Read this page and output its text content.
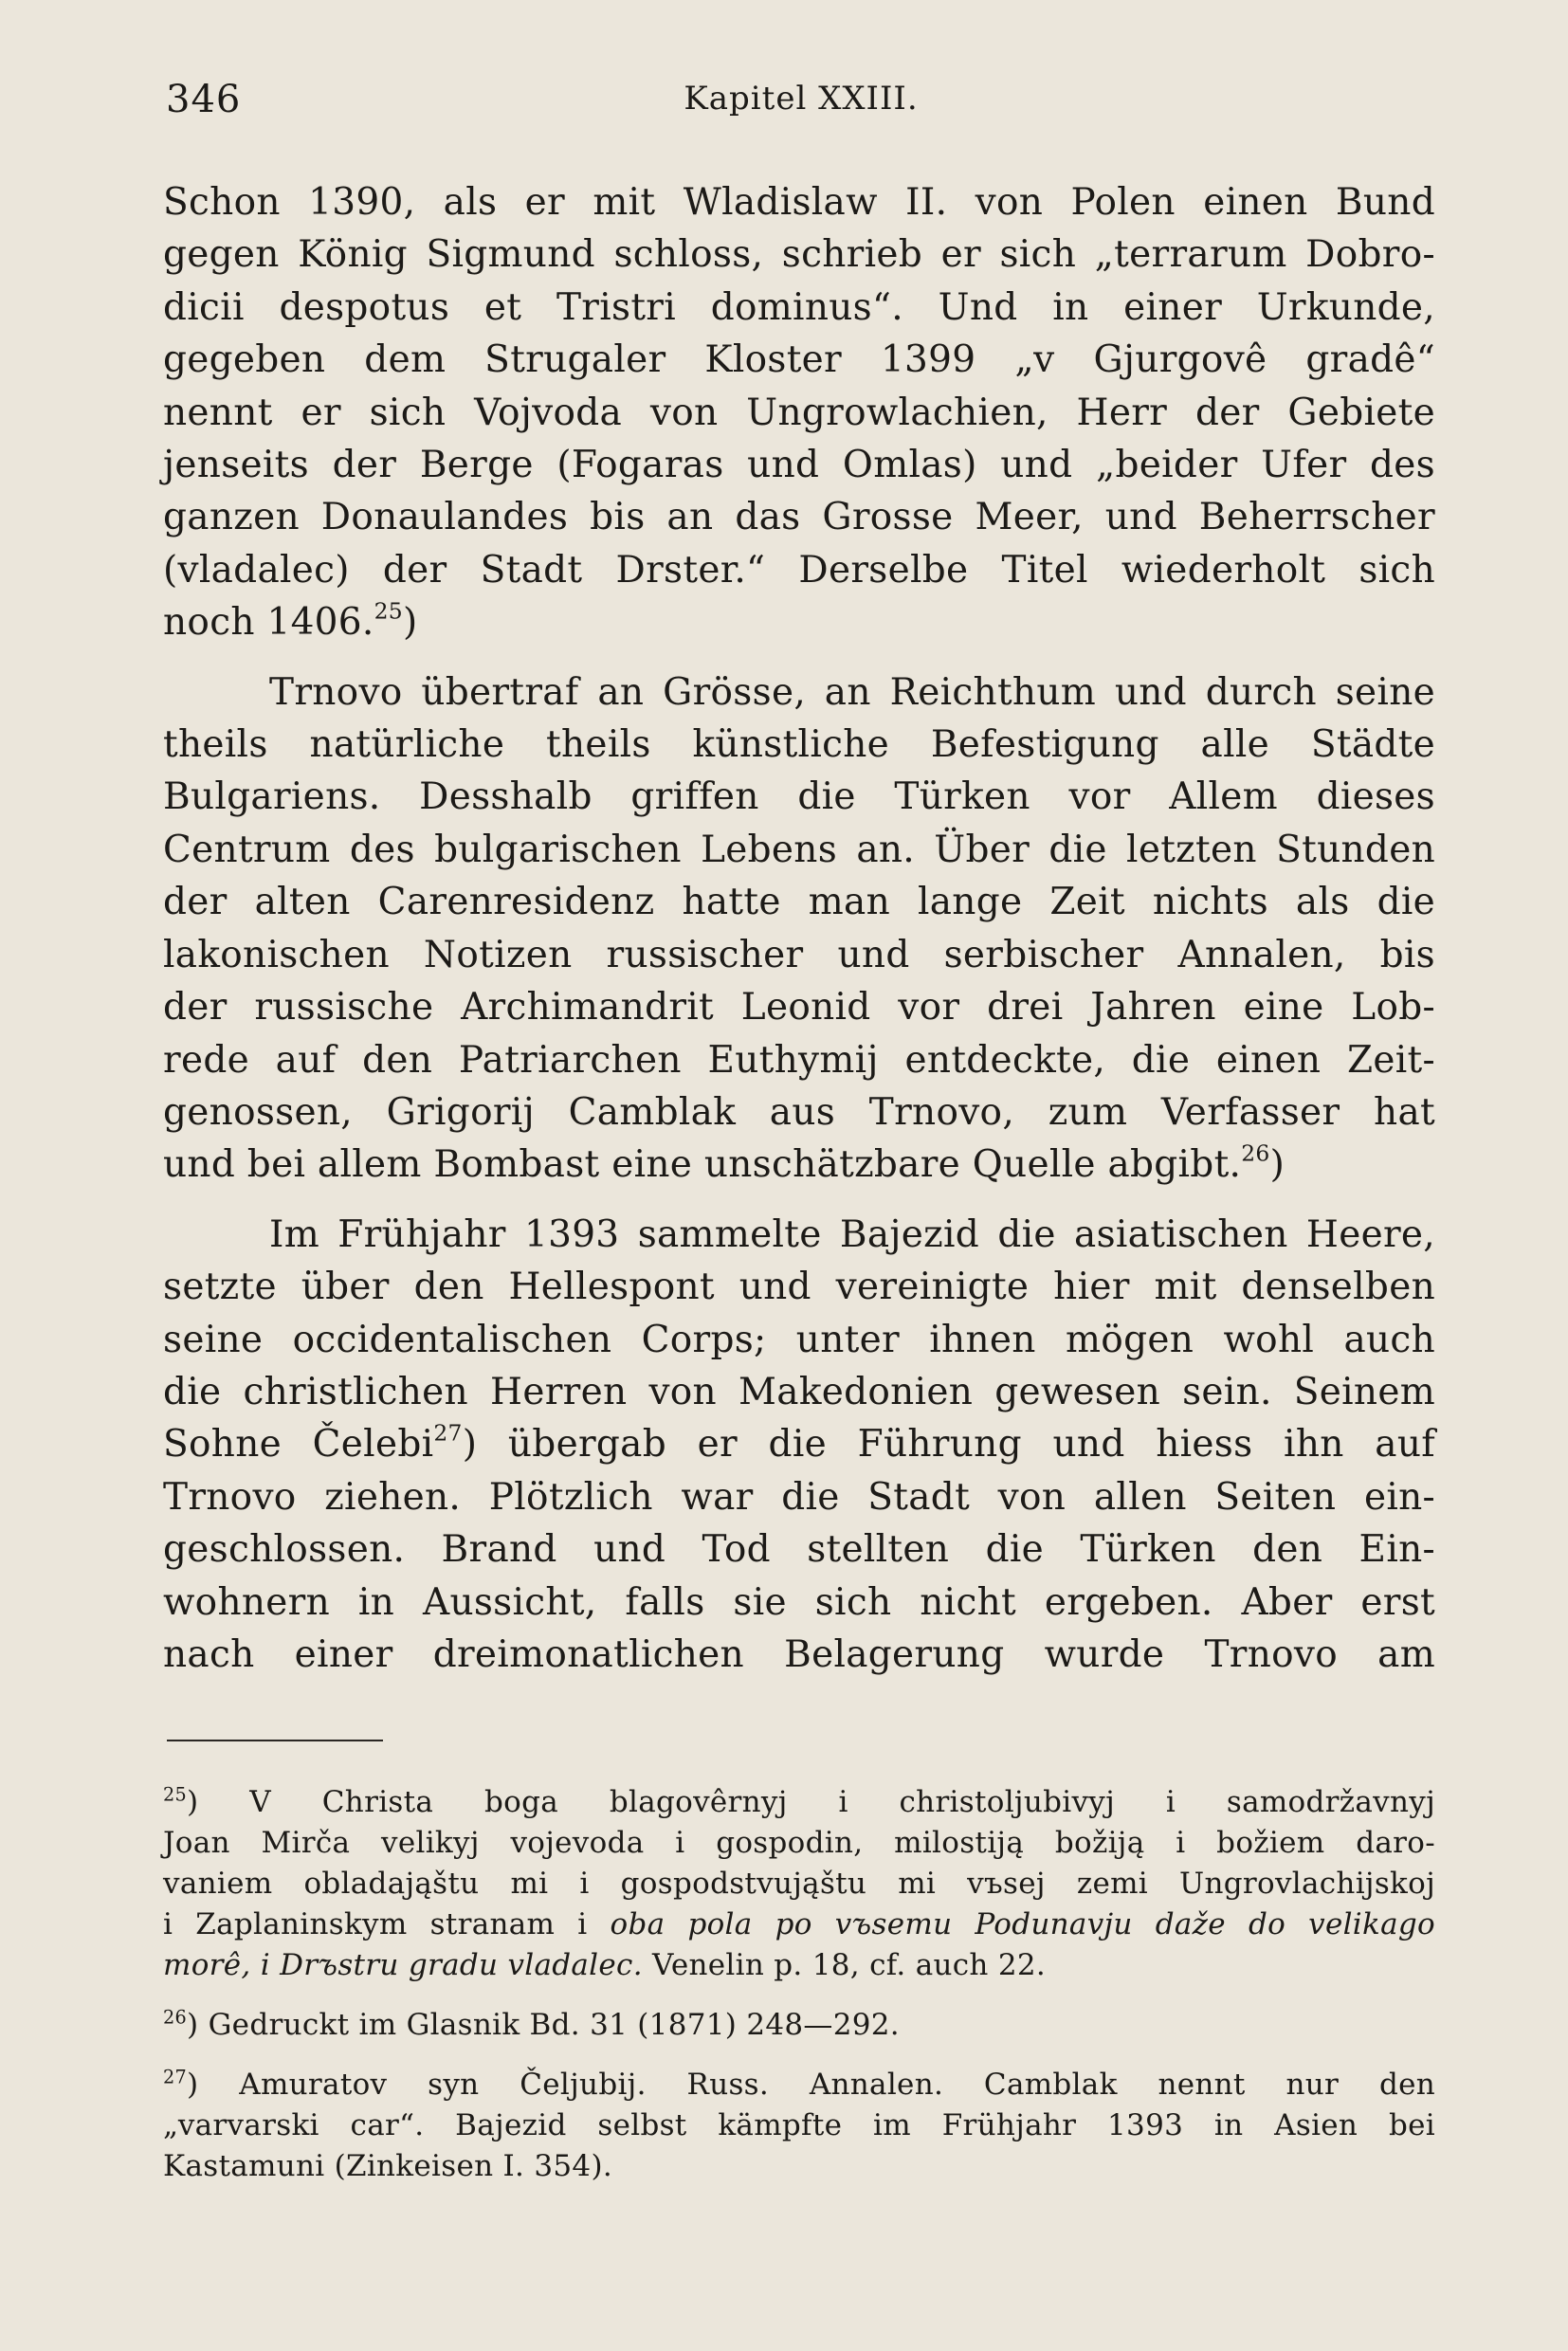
346	Kapitel XXIII.
Schon 1390, als er mit Wladislaw II. von Polen einen Bund
gegen König Sigmund schloss, schrieb er sich „terrarum Dobro-
dicii despotus et Tristri dominus“. Und in einer Urkunde,
gegeben dem Strugaler Kloster 1399 „v Gjurgovê gradê“
nennt er sich Vojvoda von Ungrowlachien, Herr der Gebiete
jenseits der Berge (Fogaras und Omlas) und „beider Ufer des
ganzen Donaulandes bis an das Grosse Meer, und Beherrscher
(vladalec) der Stadt Drster.“ Derselbe Titel wiederholt sich
noch 1406.25)
Trnovo übertraf an Grösse, an Reichthum und durch seine
theils natürliche theils künstliche Befestigung alle Städte
Bulgariens. Desshalb griffen die Türken vor Allem dieses
Centrum des bulgarischen Lebens an. Über die letzten Stunden
der alten Carenresidenz hatte man lange Zeit nichts als die
lakonischen Notizen russischer und serbischer Annalen, bis
der russische Archimandrit Leonid vor drei Jahren eine Lob-
rede auf den Patriarchen Euthymij entdeckte, die einen Zeit-
genossen, Grigorij Camblak aus Trnovo, zum Verfasser hat
und bei allem Bombast eine unschätzbare Quelle abgibt.$^{26}$)
Im Frühjahr 1393 sammelte Bajezid die asiatischen Heere,
setzte über den Hellespont und vereinigte hier mit denselben
seine occidentalischen Corps; unter ihnen mögen wohl auch
die christlichen Herren von Makedonien gewesen sein. Seinem
Sohne Čelebi$^{27}$) übergab er die Führung und hiess ihn auf
Trnovo ziehen. Plötzlich war die Stadt von allen Seiten ein-
geschlossen. Brand und Tod stellten die Türken den Ein-
wohnern in Aussicht, falls sie sich nicht ergeben. Aber erst
nach einer dreimonatlichen Belagerung wurde Trnovo am
$^{25}$) V Christa boga blagovêrnyj i christoljubivyj i samodržavnyj
Joan Mirča velikyj vojevoda i gospodin, milostiją božiją i božiem daro-
vaniem obladająštu mi i gospodstvująštu mi vъsej zemi Ungrovlachijskoj
i Zaplaninskym stranam i oba pola po vъsemu Podunavju daže do velikago
morê, i Drъstru gradu vladalec. Venelin p. 18, cf. auch 22.
$^{26}$) Gedruckt im Glasnik Bd. 31 (1871) 248—292.
$^{27}$) Amuratov syn Čeljubij. Russ. Annalen. Camblak nennt nur den
„varvarski car“. Bajezid selbst kämpfte im Frühjahr 1393 in Asien bei
Kastamuni (Zinkeisen I. 354).
